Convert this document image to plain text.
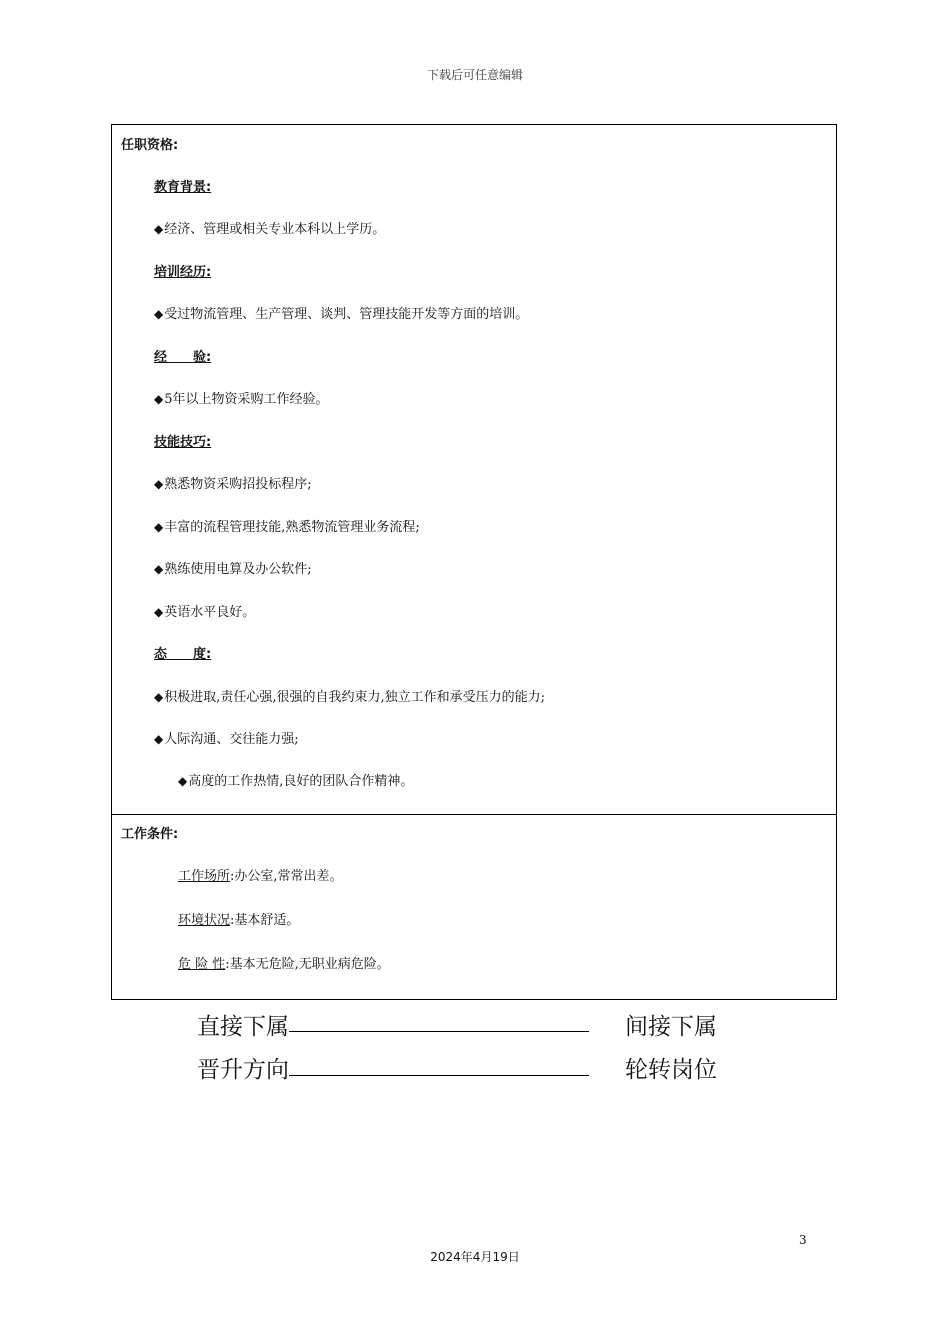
下载后可任意编辑
任职资格:
教育背景:
◆经济、管理或相关专业本科以上学历。
培训经历:
◆受过物流管理、生产管理、谈判、管理技能开发等方面的培训。
经　　验:
◆5年以上物资采购工作经验。
技能技巧:
◆熟悉物资采购招投标程序;
◆丰富的流程管理技能,熟悉物流管理业务流程;
◆熟练使用电算及办公软件;
◆英语水平良好。
态　　度:
◆积极进取,责任心强,很强的自我约束力,独立工作和承受压力的能力;
◆人际沟通、交往能力强;
◆高度的工作热情,良好的团队合作精神。
工作条件:
工作场所:办公室,常常出差。
环境状况:基本舒适。
危 险 性:基本无危险,无职业病危险。
直接下属	间接下属
晋升方向	轮转岗位
3
2024年4月19日
